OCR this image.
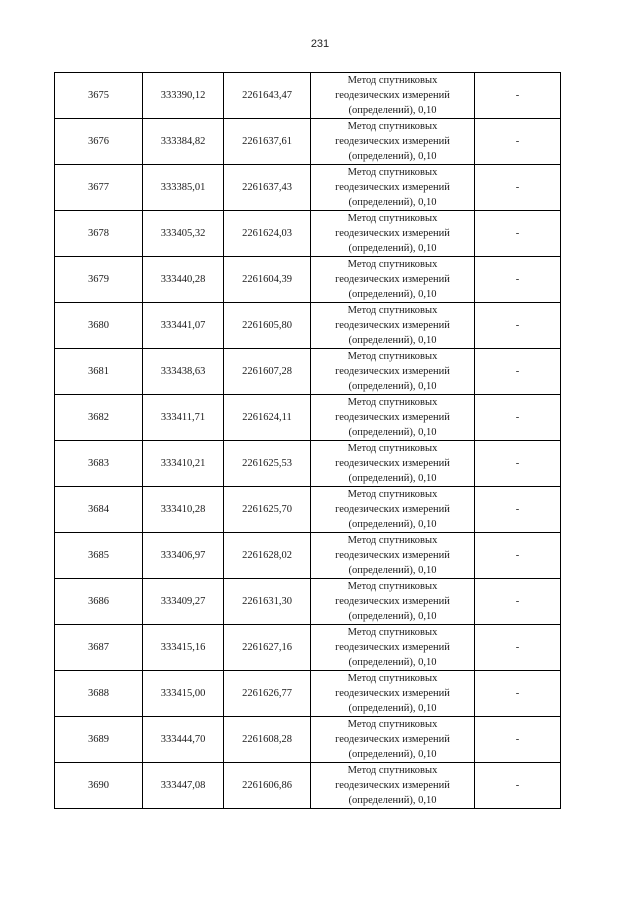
231
3675	333390,12	2261643,47	Метод спутниковых
геодезических измерений
(определений), 0,10	-
3676	333384,82	2261637,61	Метод спутниковых
геодезических измерений
(определений), 0,10	-
3677	333385,01	2261637,43	Метод спутниковых
геодезических измерений
(определений), 0,10	-
3678	333405,32	2261624,03	Метод спутниковых
геодезических измерений
(определений), 0,10	-
3679	333440,28	2261604,39	Метод спутниковых
геодезических измерений
(определений), 0,10	-
3680	333441,07	2261605,80	Метод спутниковых
геодезических измерений
(определений), 0,10	-
3681	333438,63	2261607,28	Метод спутниковых
геодезических измерений
(определений), 0,10	-
3682	333411,71	2261624,11	Метод спутниковых
геодезических измерений
(определений), 0,10	-
3683	333410,21	2261625,53	Метод спутниковых
геодезических измерений
(определений), 0,10	-
3684	333410,28	2261625,70	Метод спутниковых
геодезических измерений
(определений), 0,10	-
3685	333406,97	2261628,02	Метод спутниковых
геодезических измерений
(определений), 0,10	-
3686	333409,27	2261631,30	Метод спутниковых
геодезических измерений
(определений), 0,10	-
3687	333415,16	2261627,16	Метод спутниковых
геодезических измерений
(определений), 0,10	-
3688	333415,00	2261626,77	Метод спутниковых
геодезических измерений
(определений), 0,10	-
3689	333444,70	2261608,28	Метод спутниковых
геодезических измерений
(определений), 0,10	-
3690	333447,08	2261606,86	Метод спутниковых
геодезических измерений
(определений), 0,10	-
